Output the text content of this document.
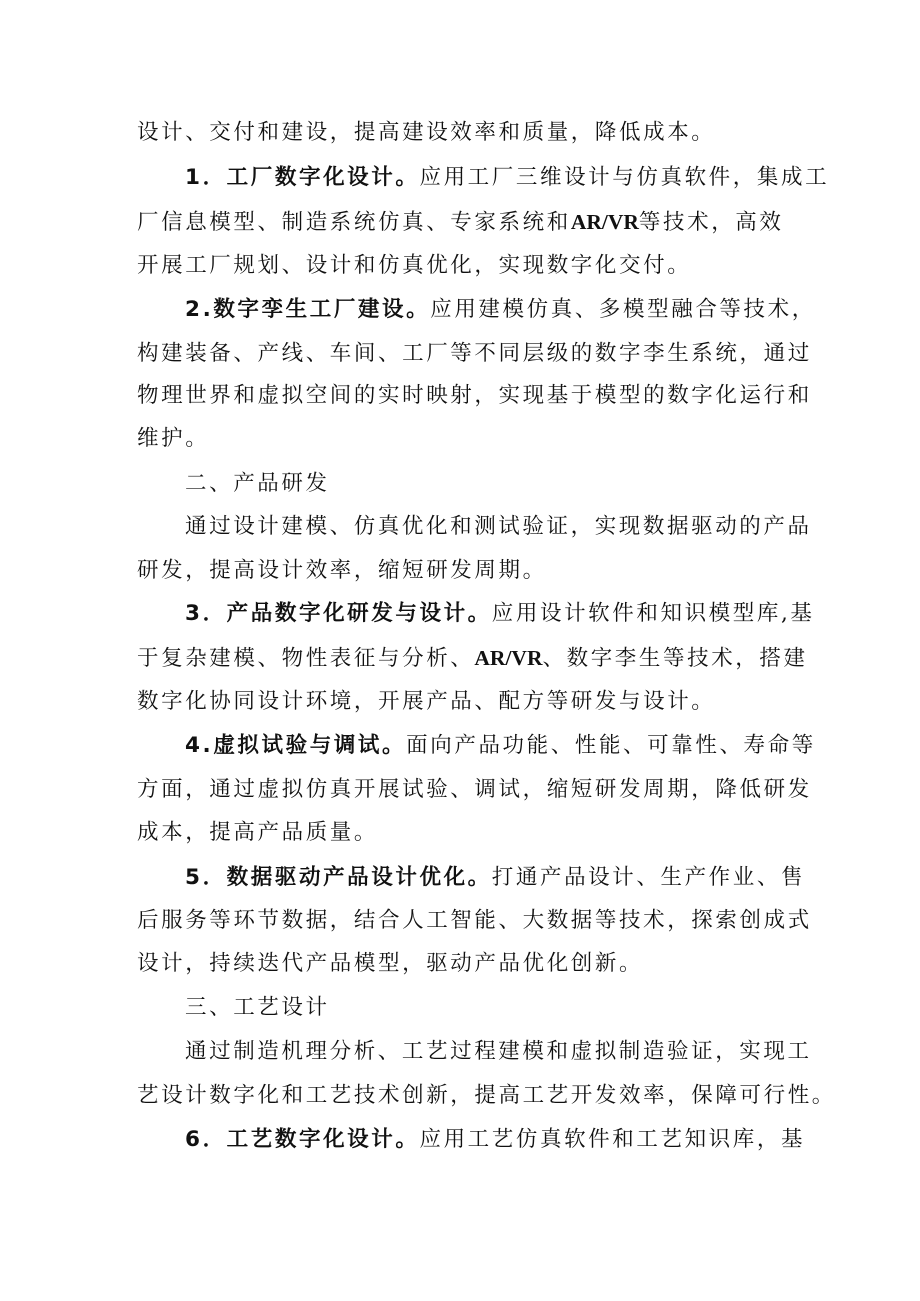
设计、交付和建设，提高建设效率和质量，降低成本。
1．工厂数字化设计。应用工厂三维设计与仿真软件，集成工
厂信息模型、制造系统仿真、专家系统和AR/VR等技术，高效
开展工厂规划、设计和仿真优化，实现数字化交付。
2.数字孪生工厂建设。应用建模仿真、多模型融合等技术，
构建装备、产线、车间、工厂等不同层级的数字李生系统，通过
物理世界和虚拟空间的实时映射，实现基于模型的数字化运行和
维护。
二、产品研发
通过设计建模、仿真优化和测试验证，实现数据驱动的产品
研发，提高设计效率，缩短研发周期。
3．产品数字化研发与设计。应用设计软件和知识模型库,基
于复杂建模、物性表征与分析、AR/VR、数字李生等技术，搭建
数字化协同设计环境，开展产品、配方等研发与设计。
4.虚拟试验与调试。面向产品功能、性能、可靠性、寿命等
方面，通过虚拟仿真开展试验、调试，缩短研发周期，降低研发
成本，提高产品质量。
5．数据驱动产品设计优化。打通产品设计、生产作业、售
后服务等环节数据，结合人工智能、大数据等技术，探索创成式
设计，持续迭代产品模型，驱动产品优化创新。
三、工艺设计
通过制造机理分析、工艺过程建模和虚拟制造验证，实现工
艺设计数字化和工艺技术创新，提高工艺开发效率，保障可行性。
6．工艺数字化设计。应用工艺仿真软件和工艺知识库，基
